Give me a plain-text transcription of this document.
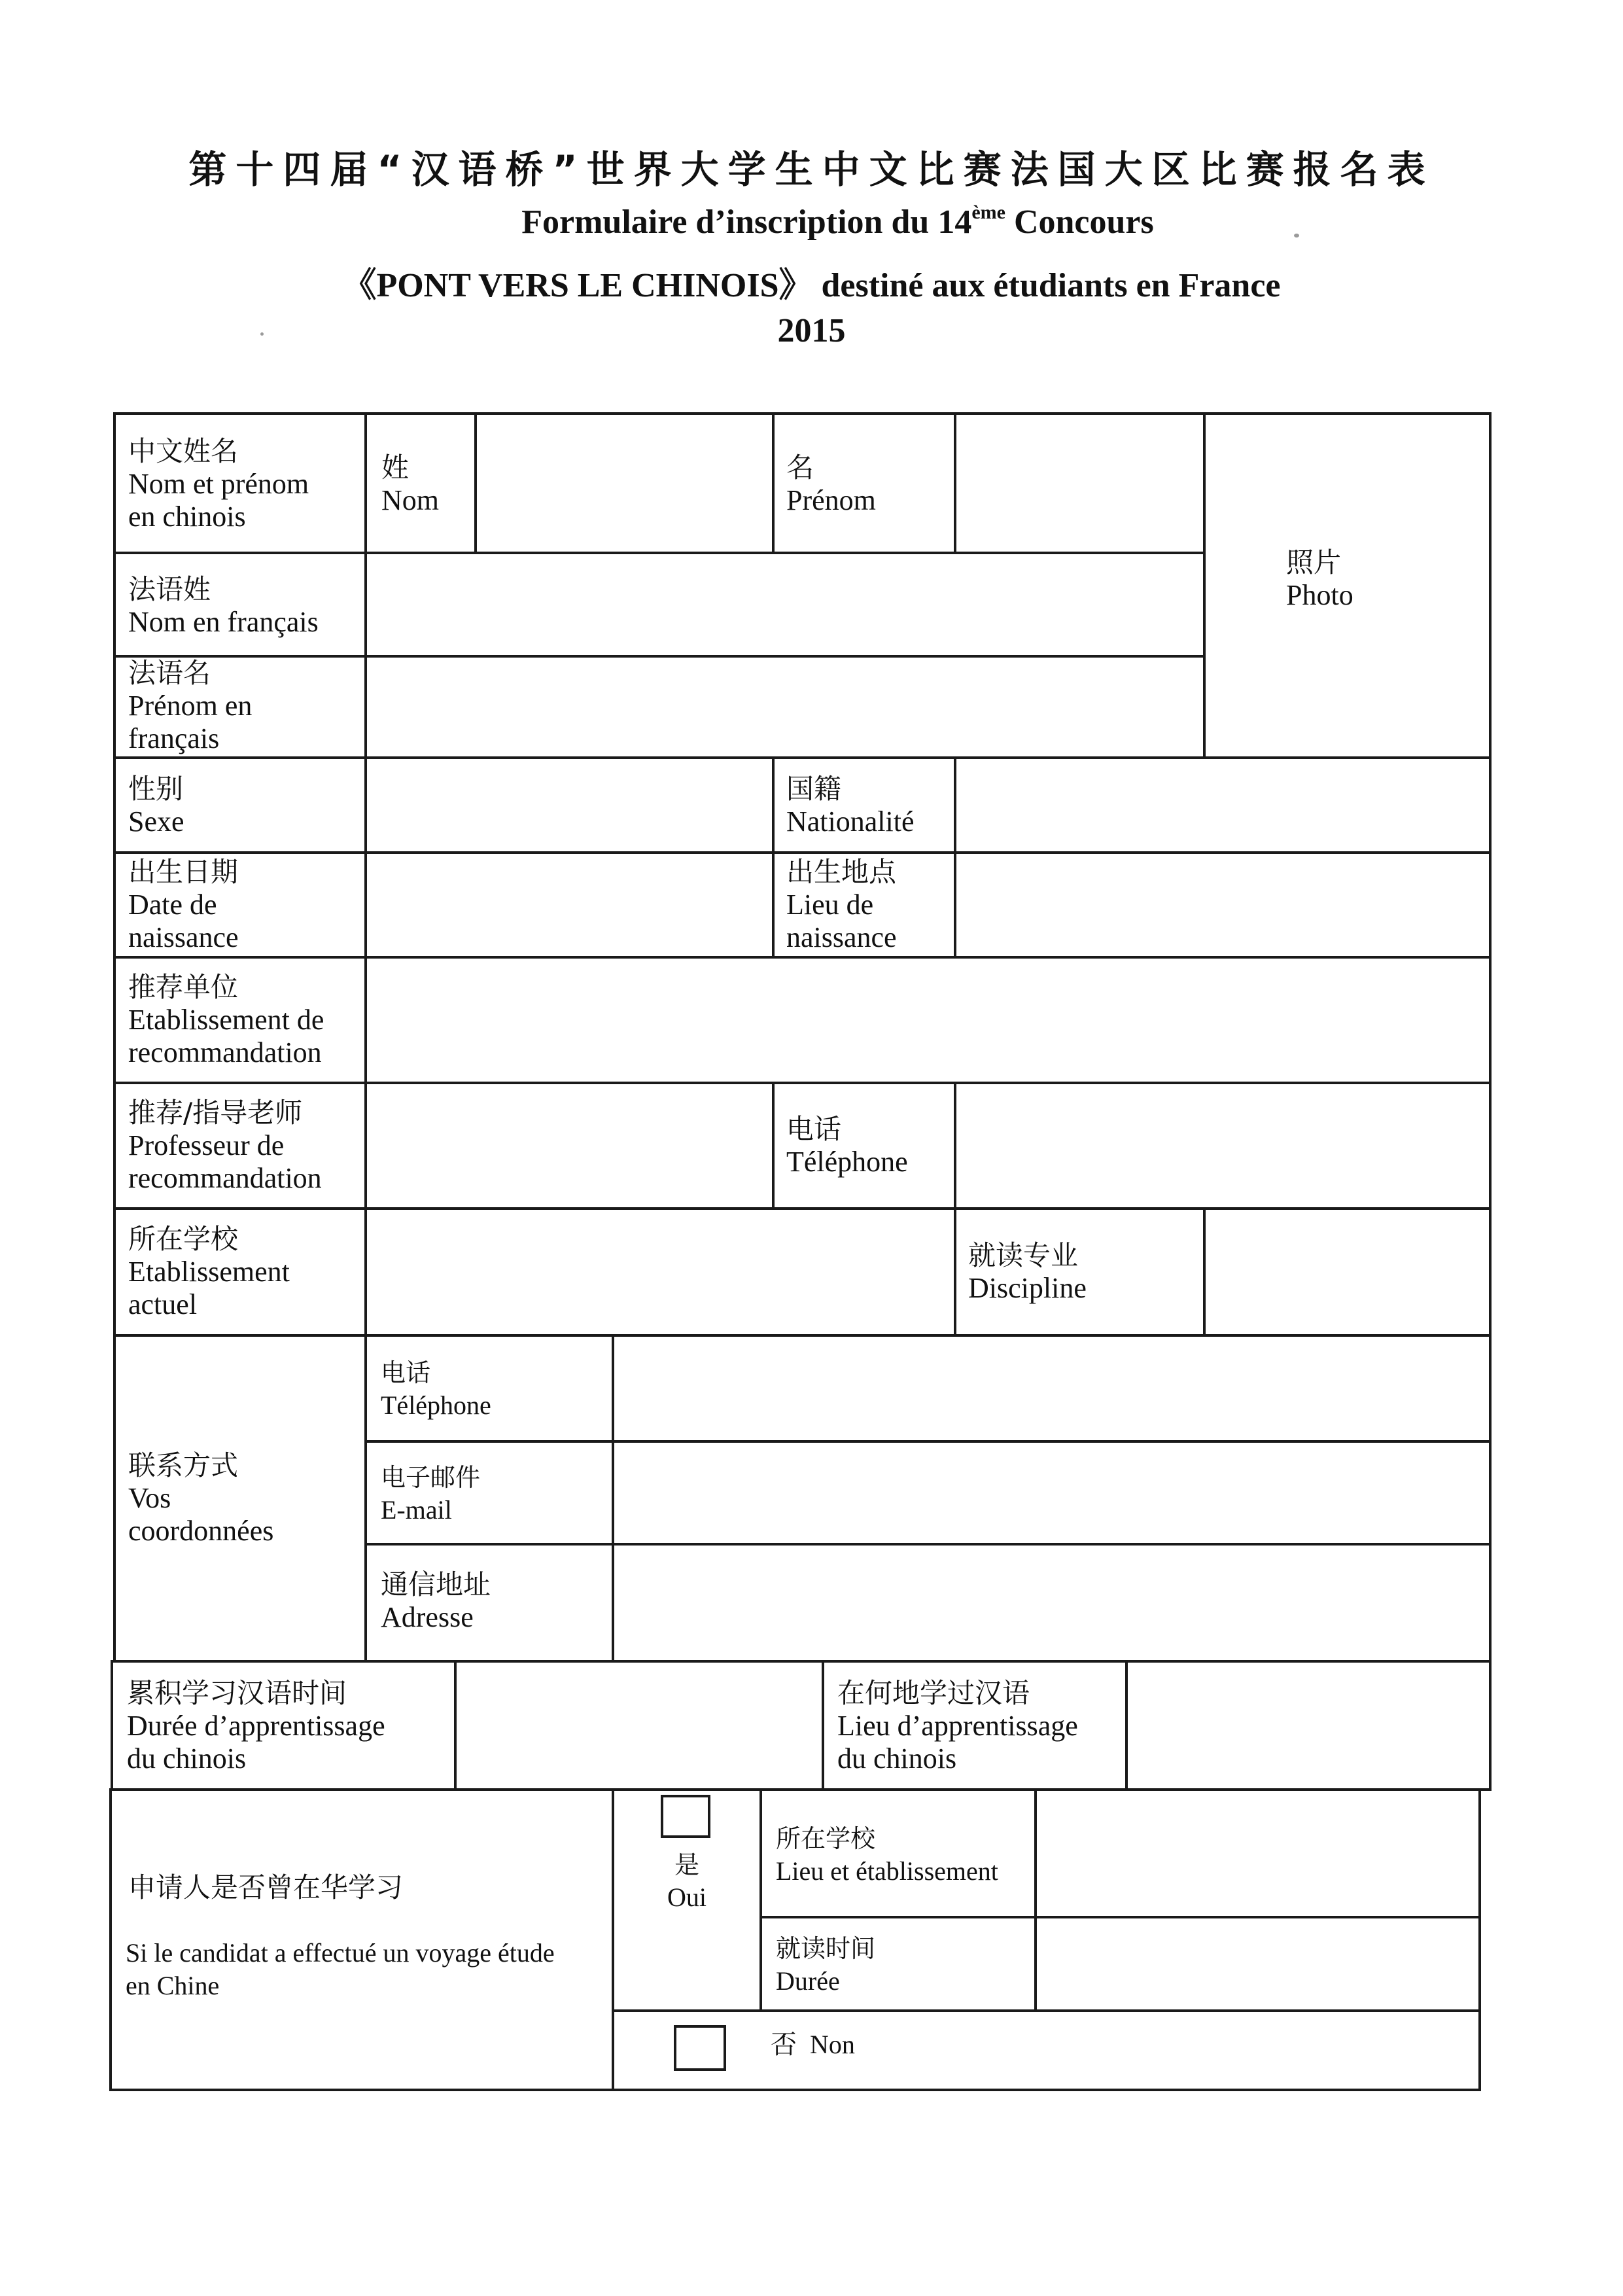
第十四届“汉语桥”世界大学生中文比赛法国大区比赛报名表
Formulaire d’inscription du 14ème Concours
《PONT VERS LE CHINOIS》 destiné aux étudiants en France
2015
中文姓名
Nom et prénom
en chinois
姓
Nom
名
Prénom
照片
Photo
法语姓
Nom en français
法语名
Prénom en
français
性别
Sexe
国籍
Nationalité
出生日期
Date de
naissance
出生地点
Lieu de
naissance
推荐单位
Etablissement de
recommandation
推荐/指导老师
Professeur de
recommandation
电话
Téléphone
所在学校
Etablissement
actuel
就读专业
Discipline
联系方式
Vos
coordonnées
电话
Téléphone
电子邮件
E-mail
通信地址
Adresse
累积学习汉语时间
Durée d’apprentissage
du chinois
在何地学过汉语
Lieu d’apprentissage
du chinois
申请人是否曾在华学习
Si le candidat a effectué un voyage étude
en Chine
是
Oui
所在学校
Lieu et établissement
就读时间
Durée
否  Non
